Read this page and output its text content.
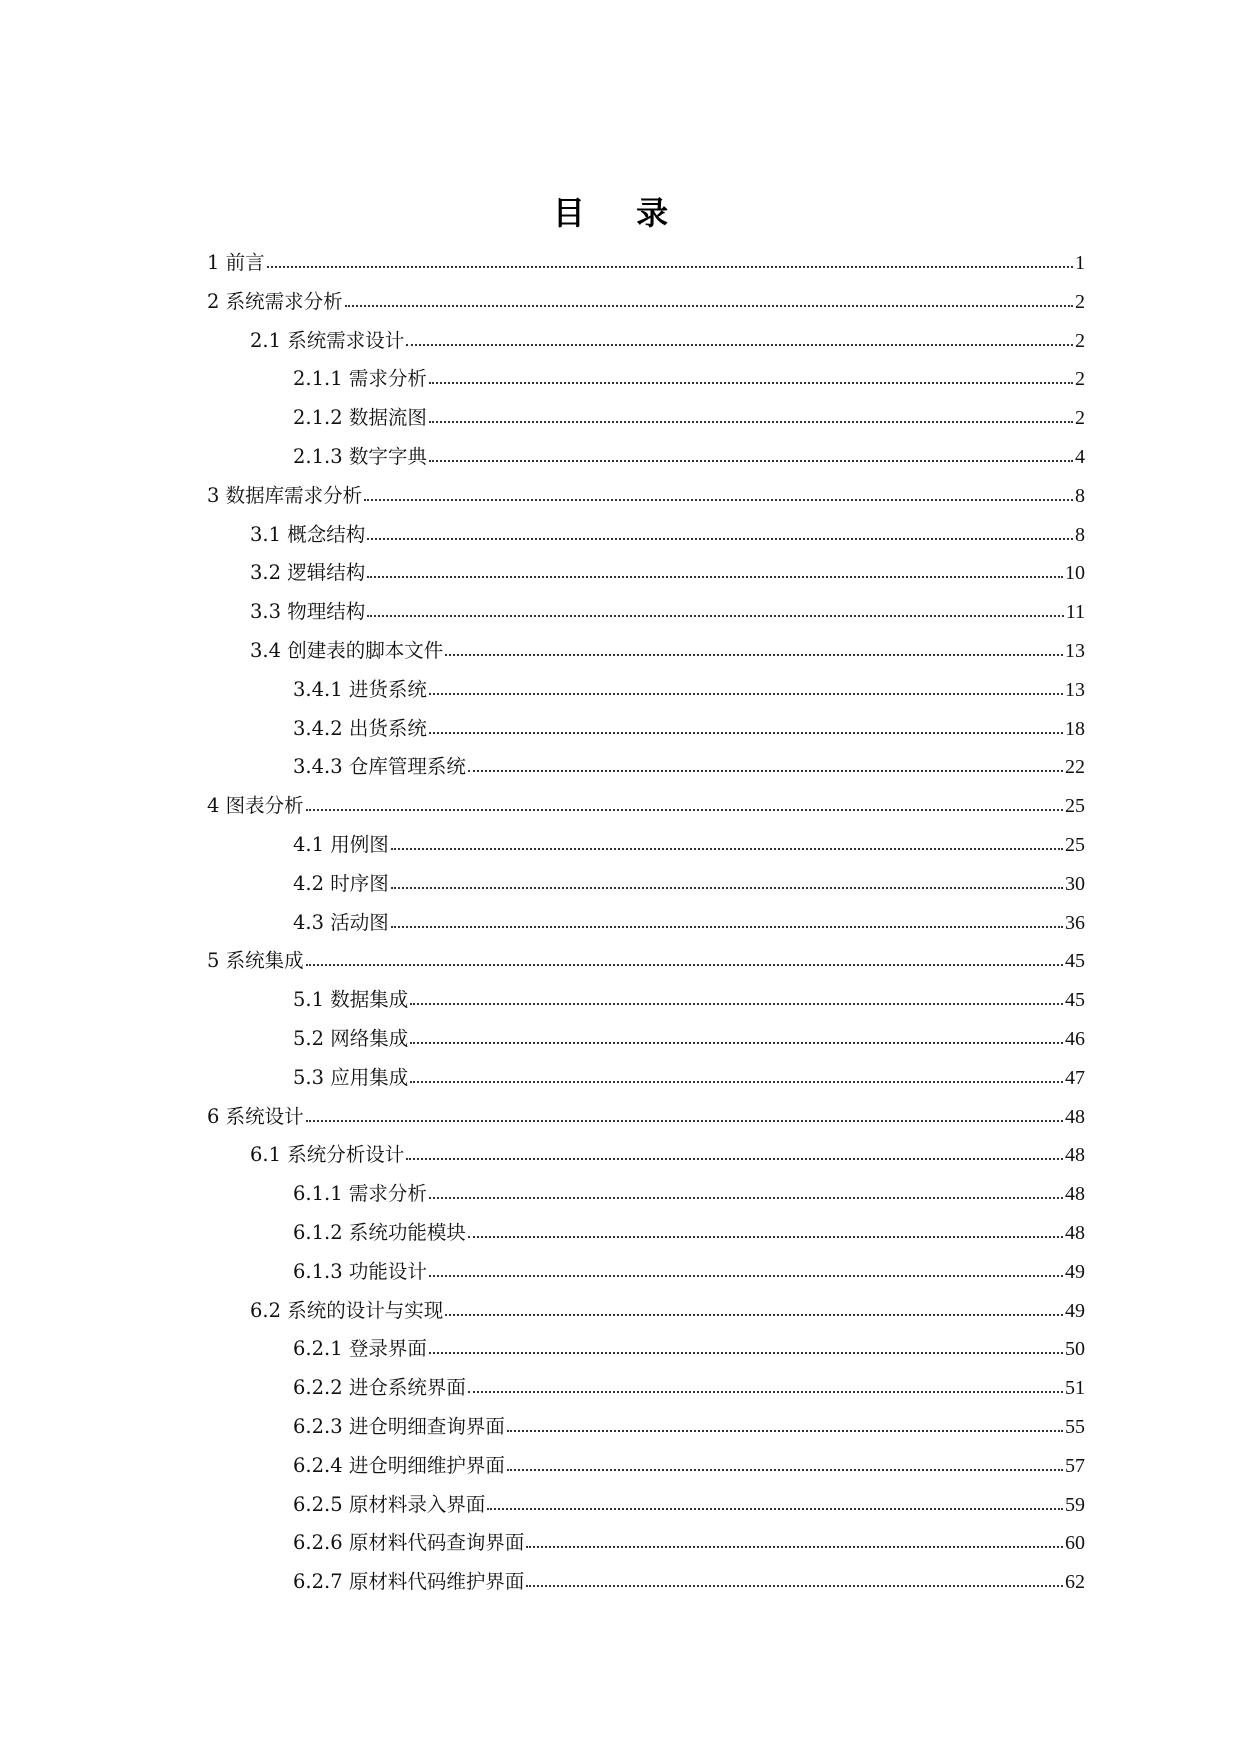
目 录
1 前言	1
2 系统需求分析	2
2.1 系统需求设计	2
2.1.1 需求分析	2
2.1.2 数据流图	2
2.1.3 数字字典	4
3 数据库需求分析	8
3.1 概念结构	8
3.2 逻辑结构	10
3.3 物理结构	11
3.4 创建表的脚本文件	13
3.4.1 进货系统	13
3.4.2 出货系统	18
3.4.3 仓库管理系统	22
4 图表分析	25
4.1 用例图	25
4.2 时序图	30
4.3 活动图	36
5 系统集成	45
5.1 数据集成	45
5.2 网络集成	46
5.3 应用集成	47
6 系统设计	48
6.1 系统分析设计	48
6.1.1 需求分析	48
6.1.2 系统功能模块	48
6.1.3 功能设计	49
6.2 系统的设计与实现	49
6.2.1 登录界面	50
6.2.2 进仓系统界面	51
6.2.3 进仓明细查询界面	55
6.2.4 进仓明细维护界面	57
6.2.5 原材料录入界面	59
6.2.6 原材料代码查询界面	60
6.2.7 原材料代码维护界面	62
